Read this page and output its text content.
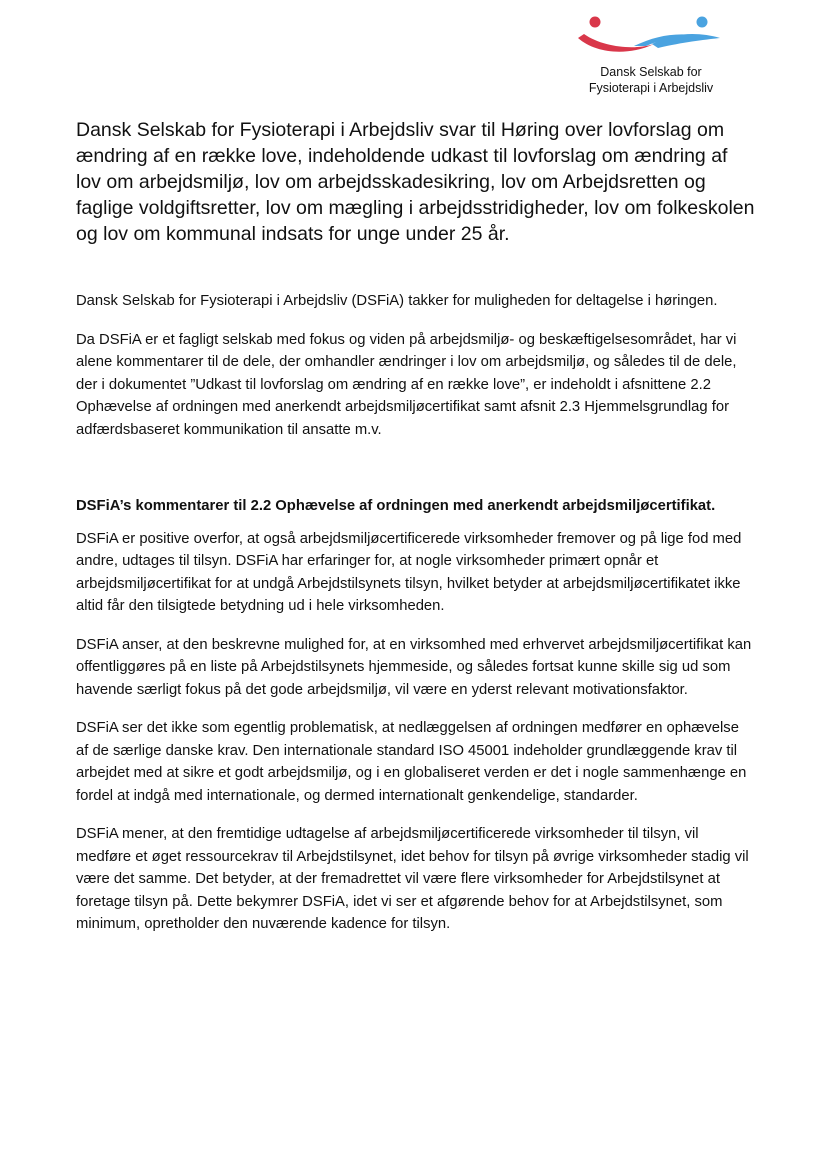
Dansk Selskab for
Fysioterapi i Arbejdsliv
Dansk Selskab for Fysioterapi i Arbejdsliv svar til Høring over lovforslag om ændring af en række love, indeholdende udkast til lovforslag om ændring af lov om arbejdsmiljø, lov om arbejdsskadesikring, lov om Arbejdsretten og faglige voldgiftsretter, lov om mægling i arbejdsstridigheder, lov om folkeskolen og lov om kommunal indsats for unge under 25 år.

Dansk Selskab for Fysioterapi i Arbejdsliv (DSFiA) takker for muligheden for deltagelse i høringen.

Da DSFiA er et fagligt selskab med fokus og viden på arbejdsmiljø- og beskæftigelsesområdet, har vi alene kommentarer til de dele, der omhandler ændringer i lov om arbejdsmiljø, og således til de dele, der i dokumentet ”Udkast til lovforslag om ændring af en række love”, er indeholdt i afsnittene 2.2 Ophævelse af ordningen med anerkendt arbejdsmiljøcertifikat samt afsnit 2.3 Hjemmelsgrundlag for adfærdsbaseret kommunikation til ansatte m.v.

DSFiA’s kommentarer til 2.2 Ophævelse af ordningen med anerkendt arbejdsmiljøcertifikat.

DSFiA er positive overfor, at også arbejdsmiljøcertificerede virksomheder fremover og på lige fod med andre, udtages til tilsyn. DSFiA har erfaringer for, at nogle virksomheder primært opnår et arbejdsmiljøcertifikat for at undgå Arbejdstilsynets tilsyn, hvilket betyder at arbejdsmiljøcertifikatet ikke altid får den tilsigtede betydning ud i hele virksomheden.

DSFiA anser, at den beskrevne mulighed for, at en virksomhed med erhvervet arbejdsmiljøcertifikat kan offentliggøres på en liste på Arbejdstilsynets hjemmeside, og således fortsat kunne skille sig ud som havende særligt fokus på det gode arbejdsmiljø, vil være en yderst relevant motivationsfaktor.

DSFiA ser det ikke som egentlig problematisk, at nedlæggelsen af ordningen medfører en ophævelse af de særlige danske krav. Den internationale standard ISO 45001 indeholder grundlæggende krav til arbejdet med at sikre et godt arbejdsmiljø, og i en globaliseret verden er det i nogle sammenhænge en fordel at indgå med internationale, og dermed internationalt genkendelige, standarder.

DSFiA mener, at den fremtidige udtagelse af arbejdsmiljøcertificerede virksomheder til tilsyn, vil medføre et øget ressourcekrav til Arbejdstilsynet, idet behov for tilsyn på øvrige virksomheder stadig vil være det samme. Det betyder, at der fremadrettet vil være flere virksomheder for Arbejdstilsynet at foretage tilsyn på. Dette bekymrer DSFiA, idet vi ser et afgørende behov for at Arbejdstilsynet, som minimum, opretholder den nuværende kadence for tilsyn.
